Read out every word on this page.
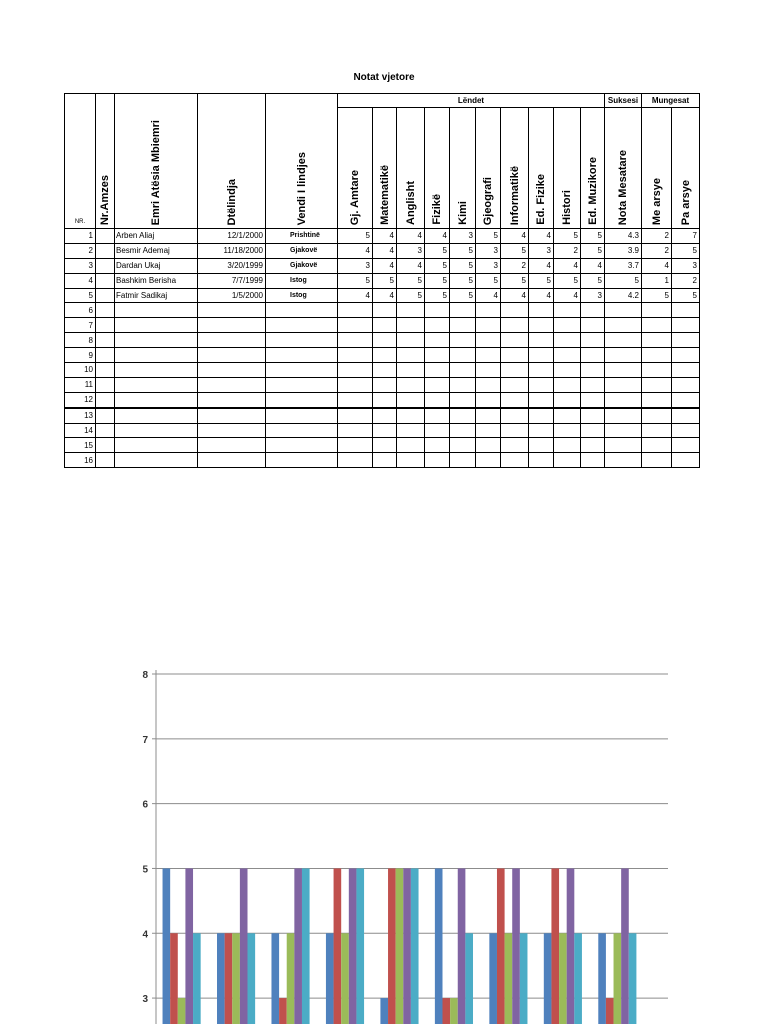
Notat vjetore
NR.	Nr.Amzes	Emri Atësia Mbiemri	Dtëlindja	Vendi I lindjes	Lëndet										Suksesi	Mungesat	

					Gj. Amtare	Matematikë	Anglisht	Fizikë	Kimi	Gjeografi	Informatikë	Ed. Fizike	Histori	Ed. Muzikore	Nota Mesatare	Me arsye	Pa arsye

1		Arben Aliaj	12/1/2000	Prishtinë	5	4	4	4	3	5	4	4	5	5	4.3	2	7
2		Besmir Ademaj	11/18/2000	Gjakovë	4	4	3	5	5	3	5	3	2	5	3.9	2	5
3		Dardan Ukaj	3/20/1999	Gjakovë	3	4	4	5	5	3	2	4	4	4	3.7	4	3
4		Bashkim Berisha	7/7/1999	Istog	5	5	5	5	5	5	5	5	5	5	5	1	2
5		Fatmir Sadikaj	1/5/2000	Istog	4	4	5	5	5	4	4	4	4	3	4.2	5	5
6																	
7																	
8																	
9																	
10																	
11																	
12																	
13																	
14																	
15																	
16																	
8
7
6
5
4
3
